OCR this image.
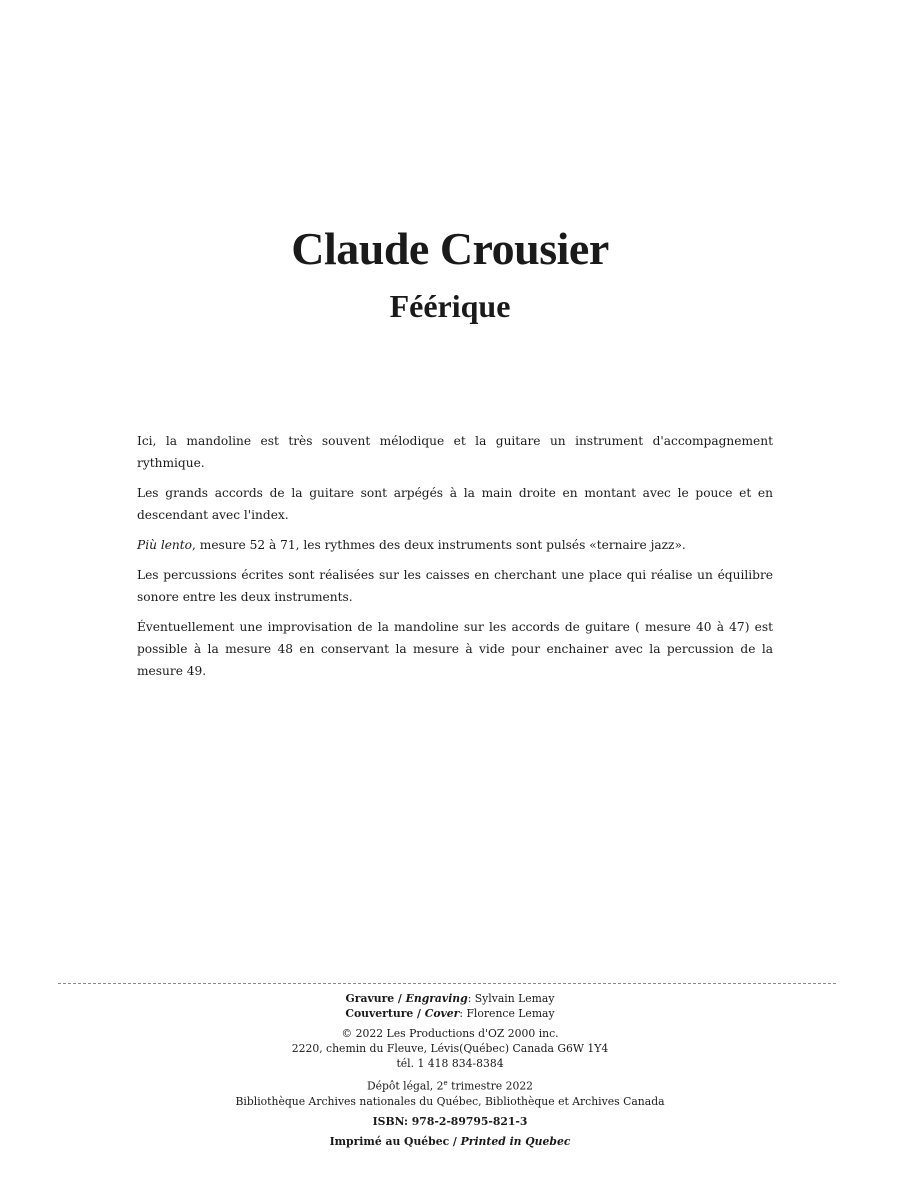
Claude Crousier
Féérique

Ici, la mandoline est très souvent mélodique et la guitare un instrument d'accompagnement rythmique.

Les grands accords de la guitare sont arpégés à la main droite en montant avec le pouce et en descendant avec l'index.

Più lento, mesure 52 à 71, les rythmes des deux instruments sont pulsés «ternaire jazz».

Les percussions écrites sont réalisées sur les caisses en cherchant une place qui réalise un équilibre sonore entre les deux instruments.

Éventuellement une improvisation de la mandoline sur les accords de guitare ( mesure 40 à 47) est possible à la mesure 48 en conservant la mesure à vide pour enchainer avec la percussion de la mesure 49.

Gravure / Engraving: Sylvain Lemay
Couverture / Cover: Florence Lemay
© 2022 Les Productions d'OZ 2000 inc.
2220, chemin du Fleuve, Lévis(Québec) Canada G6W 1Y4
tél. 1 418 834-8384
Dépôt légal, 2e trimestre 2022
Bibliothèque Archives nationales du Québec, Bibliothèque et Archives Canada
ISBN: 978-2-89795-821-3
Imprimé au Québec / Printed in Quebec
